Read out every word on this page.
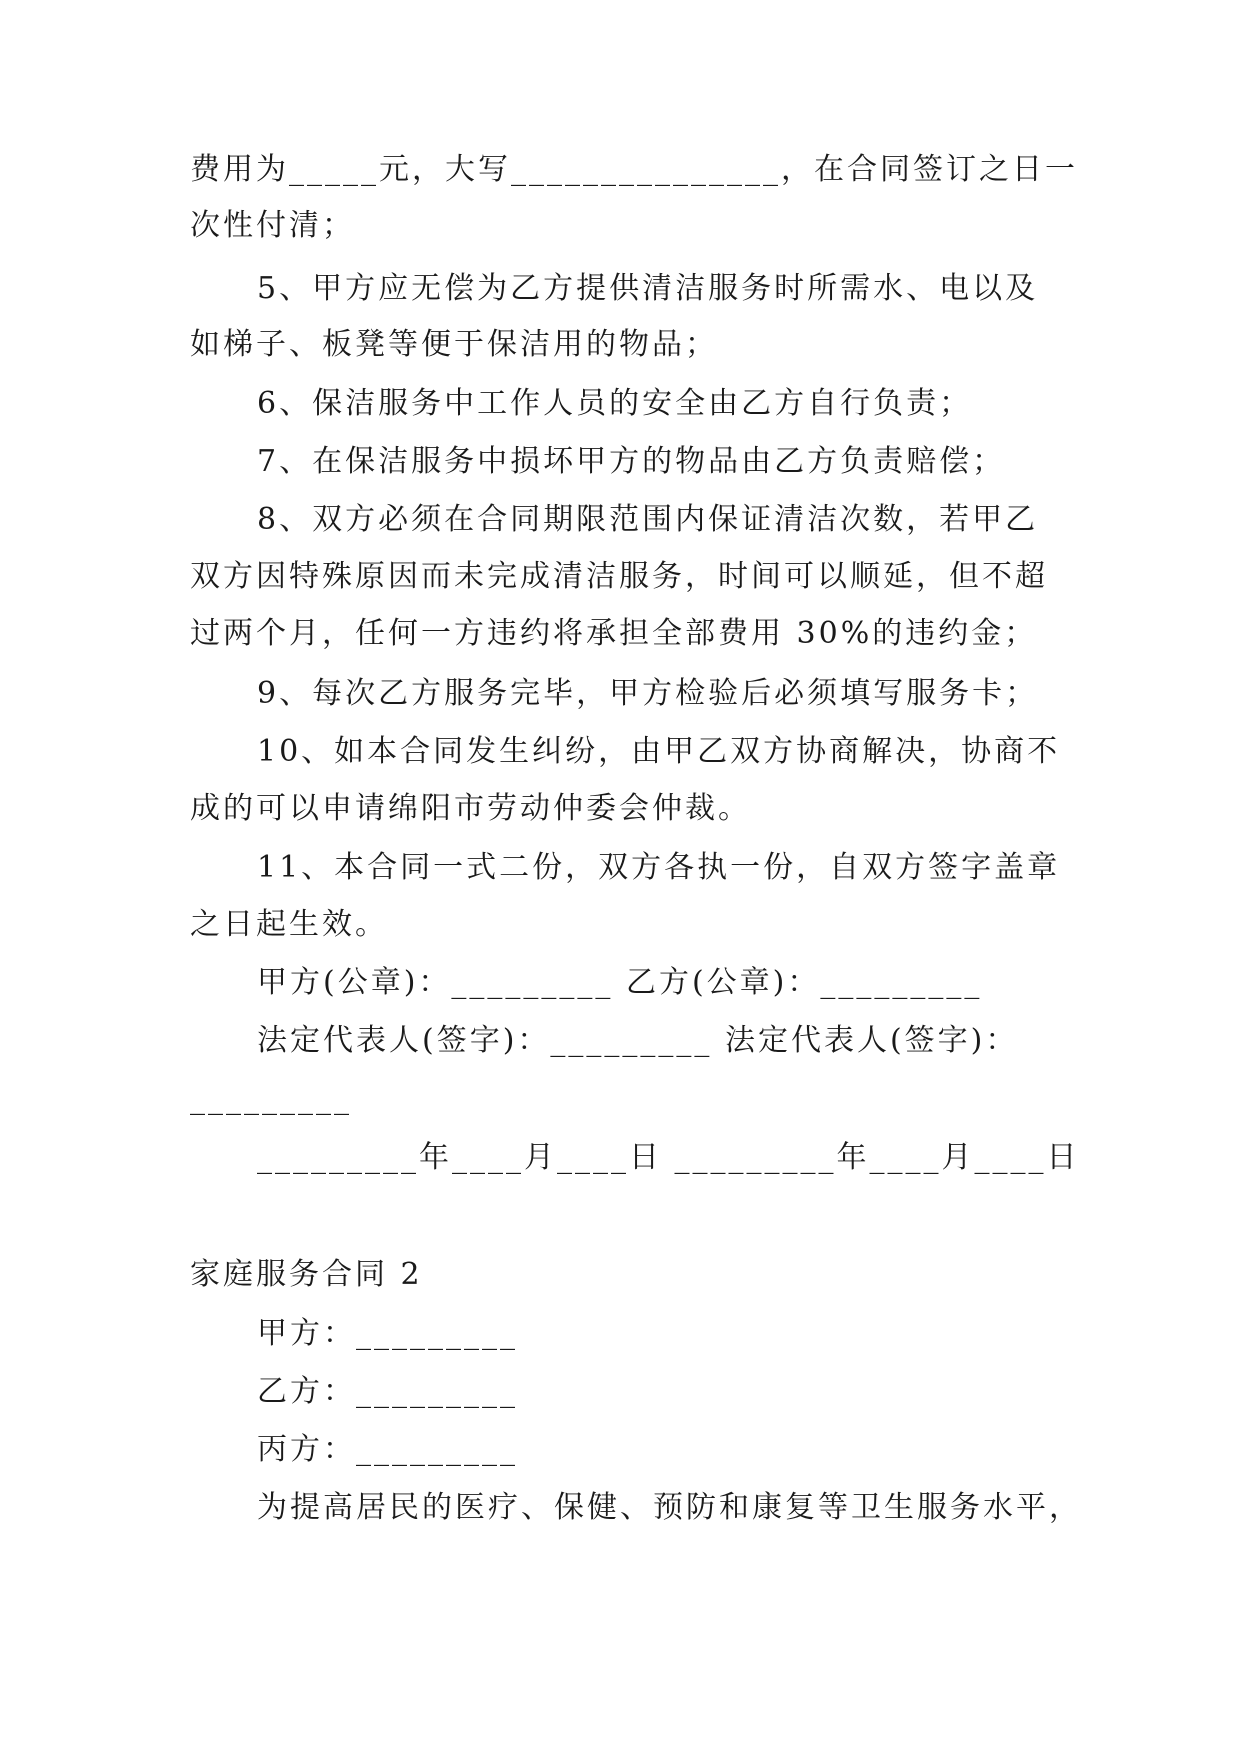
费用为_____元，大写_______________，在合同签订之日一
次性付清；
5、甲方应无偿为乙方提供清洁服务时所需水、电以及
如梯子、板凳等便于保洁用的物品；
6、保洁服务中工作人员的安全由乙方自行负责；
7、在保洁服务中损坏甲方的物品由乙方负责赔偿；
8、双方必须在合同期限范围内保证清洁次数，若甲乙
双方因特殊原因而未完成清洁服务，时间可以顺延，但不超
过两个月，任何一方违约将承担全部费用 30%的违约金；
9、每次乙方服务完毕，甲方检验后必须填写服务卡；
10、如本合同发生纠纷，由甲乙双方协商解决，协商不
成的可以申请绵阳市劳动仲委会仲裁。
11、本合同一式二份，双方各执一份，自双方签字盖章
之日起生效。
甲方(公章)：_________ 乙方(公章)：_________
法定代表人(签字)：_________ 法定代表人(签字)：
_________
_________年____月____日 _________年____月____日
家庭服务合同 2
甲方：_________
乙方：_________
丙方：_________
为提高居民的医疗、保健、预防和康复等卫生服务水平，
